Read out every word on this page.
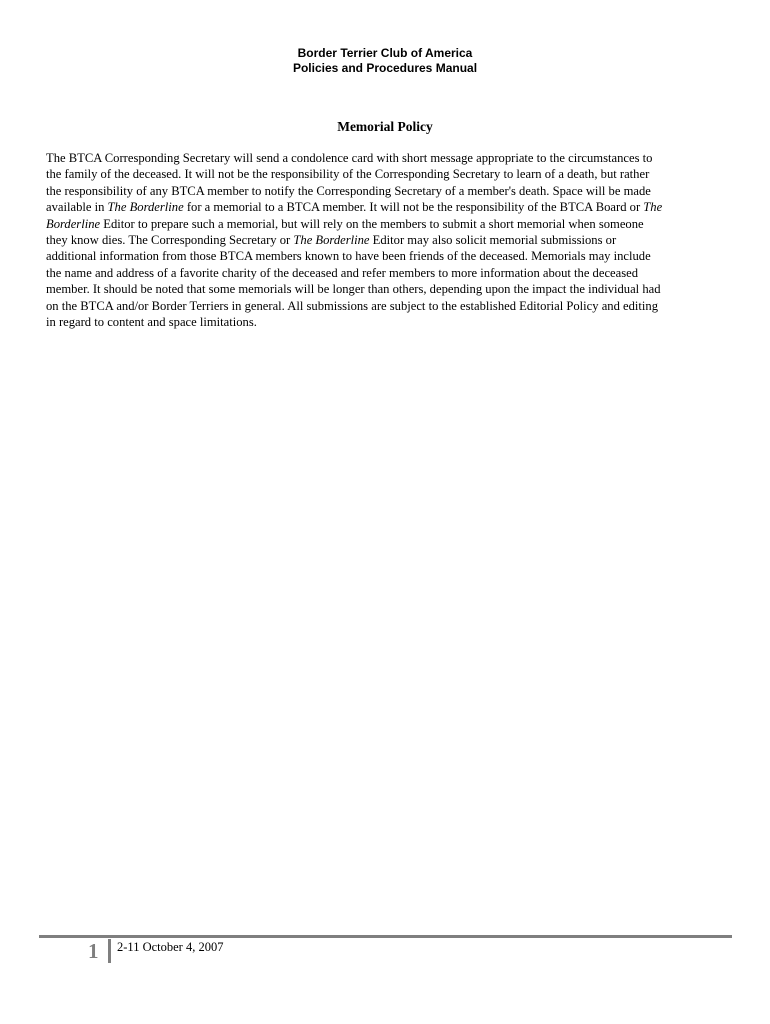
Border Terrier Club of America
Policies and Procedures Manual
Memorial Policy
The BTCA Corresponding Secretary will send a condolence card with short message appropriate to the circumstances to
the family of the deceased. It will not be the responsibility of the Corresponding Secretary to learn of a death, but rather
the responsibility of any BTCA member to notify the Corresponding Secretary of a member's death. Space will be made
available in The Borderline for a memorial to a BTCA member. It will not be the responsibility of the BTCA Board or The
Borderline Editor to prepare such a memorial, but will rely on the members to submit a short memorial when someone
they know dies. The Corresponding Secretary or The Borderline Editor may also solicit memorial submissions or
additional information from those BTCA members known to have been friends of the deceased. Memorials may include
the name and address of a favorite charity of the deceased and refer members to more information about the deceased
member. It should be noted that some memorials will be longer than others, depending upon the impact the individual had
on the BTCA and/or Border Terriers in general. All submissions are subject to the established Editorial Policy and editing
in regard to content and space limitations.
1 2-11 October 4, 2007
